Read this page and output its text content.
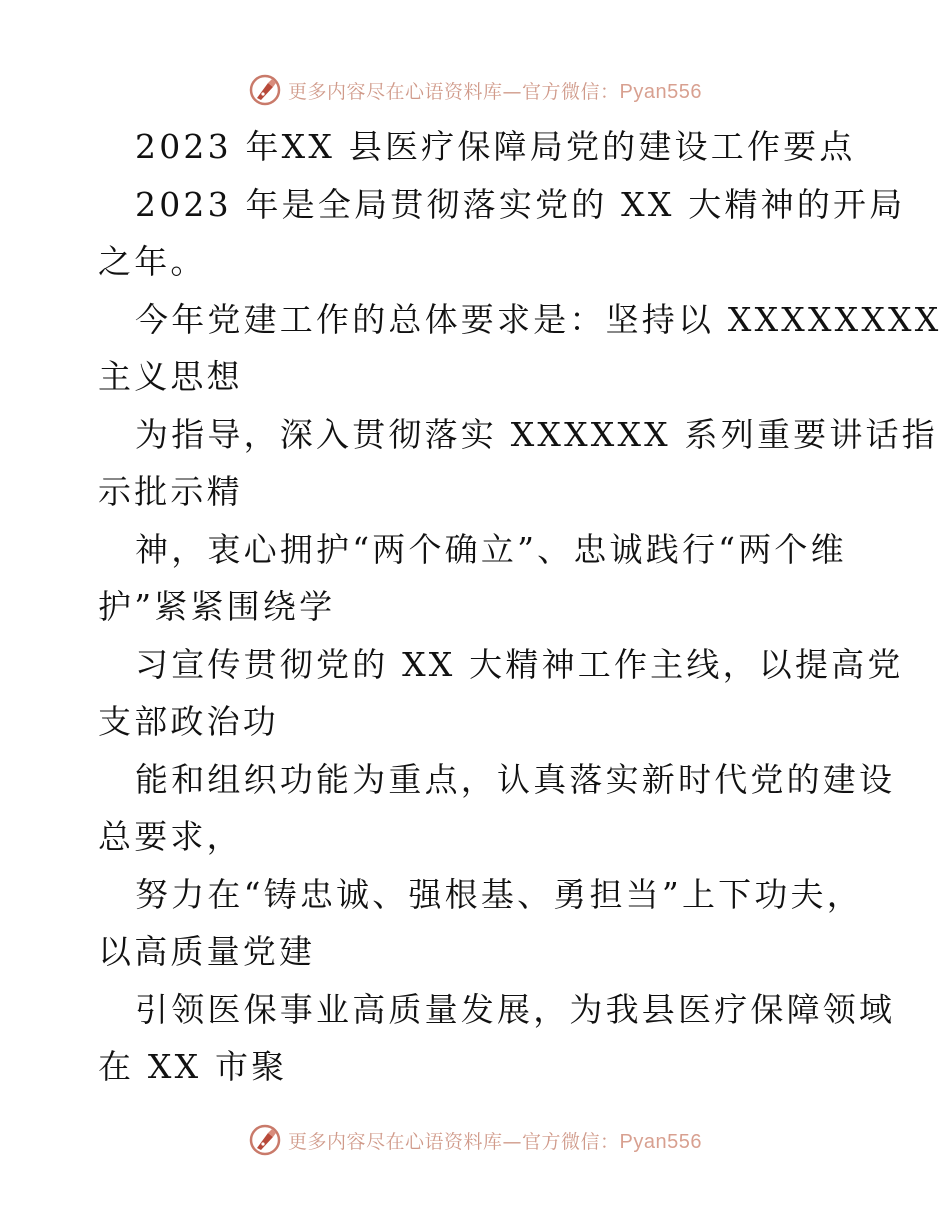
更多内容尽在心语资料库—官方微信：Pyan556
2023 年XX 县医疗保障局党的建设工作要点
2023 年是全局贯彻落实党的 XX 大精神的开局
之年。
今年党建工作的总体要求是：坚持以 XXXXXXXX
主义思想
为指导，深入贯彻落实 XXXXXX 系列重要讲话指
示批示精
神，衷心拥护“两个确立”、忠诚践行“两个维
护”紧紧围绕学
习宣传贯彻党的 XX 大精神工作主线，以提高党
支部政治功
能和组织功能为重点，认真落实新时代党的建设
总要求，
努力在“铸忠诚、强根基、勇担当”上下功夫，
以高质量党建
引领医保事业高质量发展，为我县医疗保障领域
在 XX 市聚
更多内容尽在心语资料库—官方微信：Pyan556
